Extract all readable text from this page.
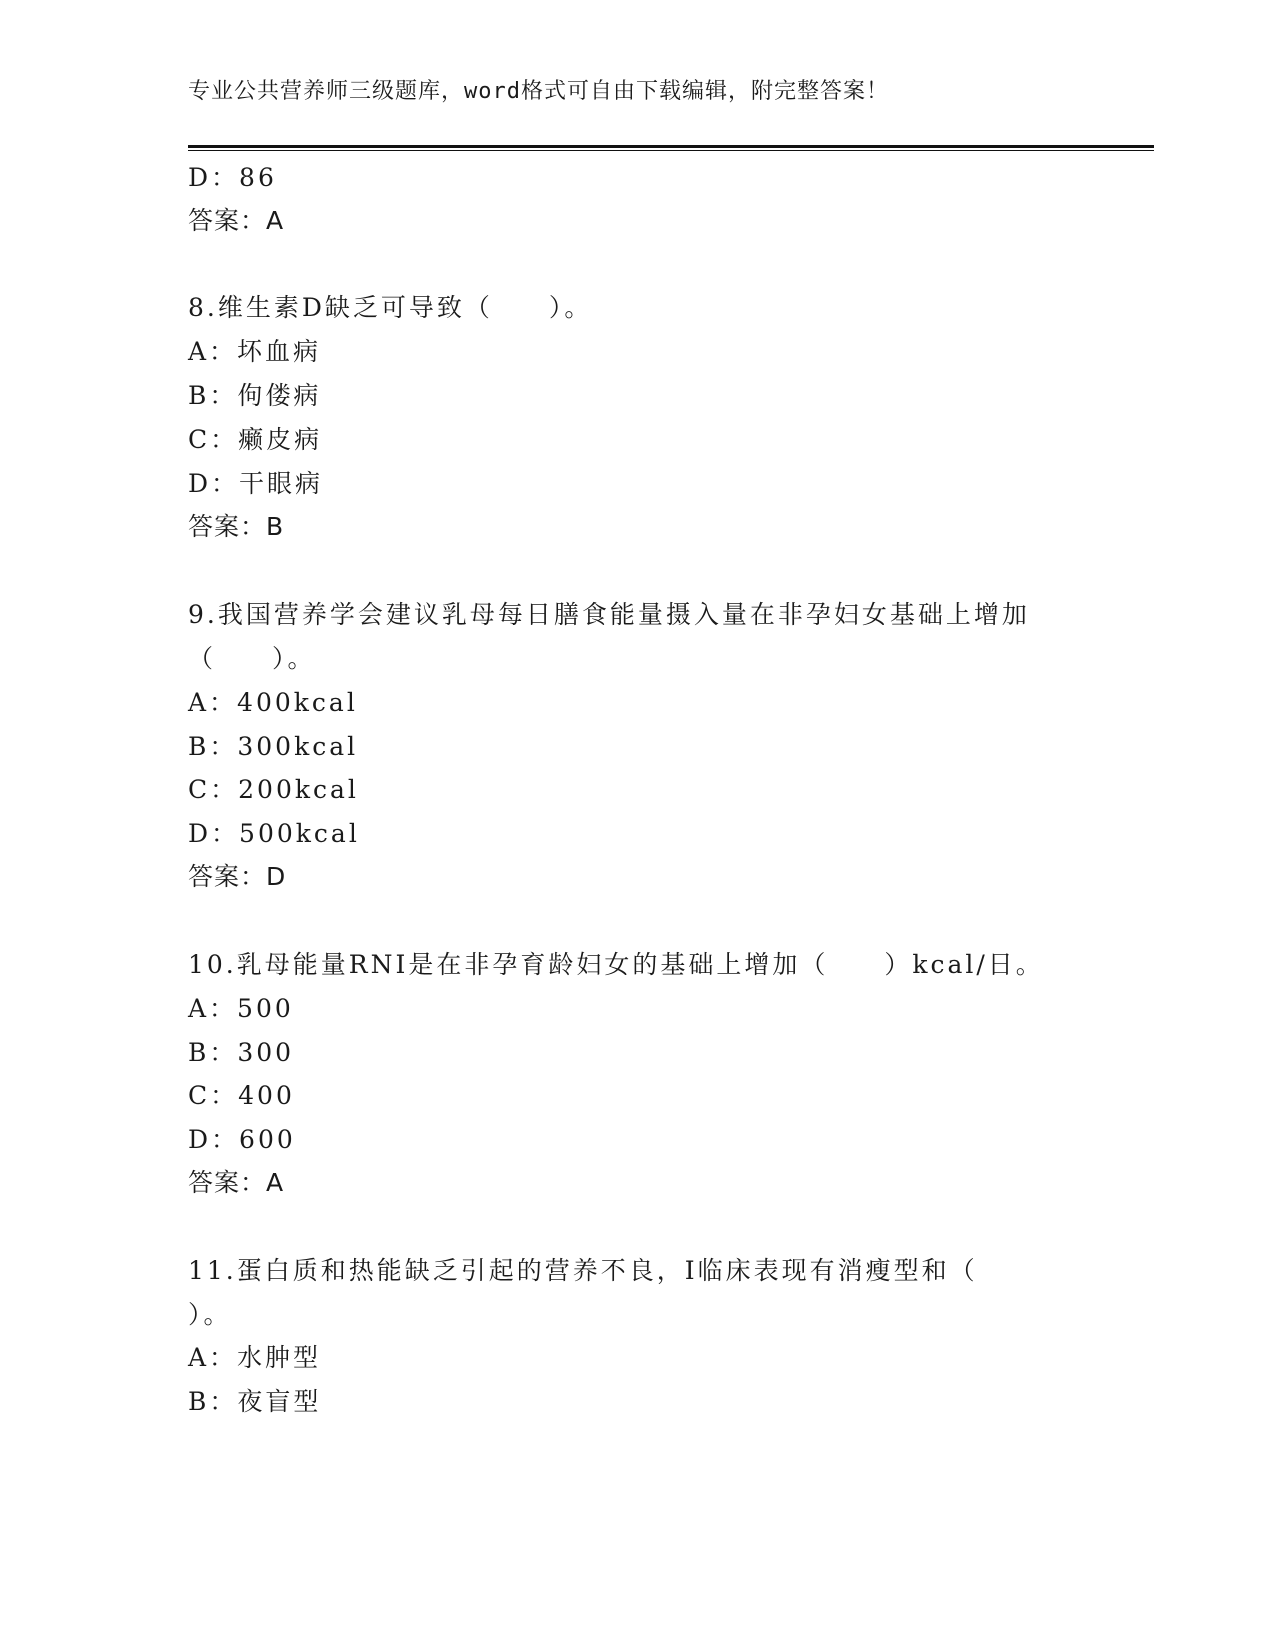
专业公共营养师三级题库，word格式可自由下载编辑，附完整答案！
D：86
答案：A
8.维生素D缺乏可导致（　　）。
A：坏血病
B：佝偻病
C：癞皮病
D：干眼病
答案：B
9.我国营养学会建议乳母每日膳食能量摄入量在非孕妇女基础上增加
（　　）。
A：400kcal
B：300kcal
C：200kcal
D：500kcal
答案：D
10.乳母能量RNI是在非孕育龄妇女的基础上增加（　　）kcal/日。
A：500
B：300
C：400
D：600
答案：A
11.蛋白质和热能缺乏引起的营养不良，I临床表现有消瘦型和（
）。
A：水肿型
B：夜盲型
